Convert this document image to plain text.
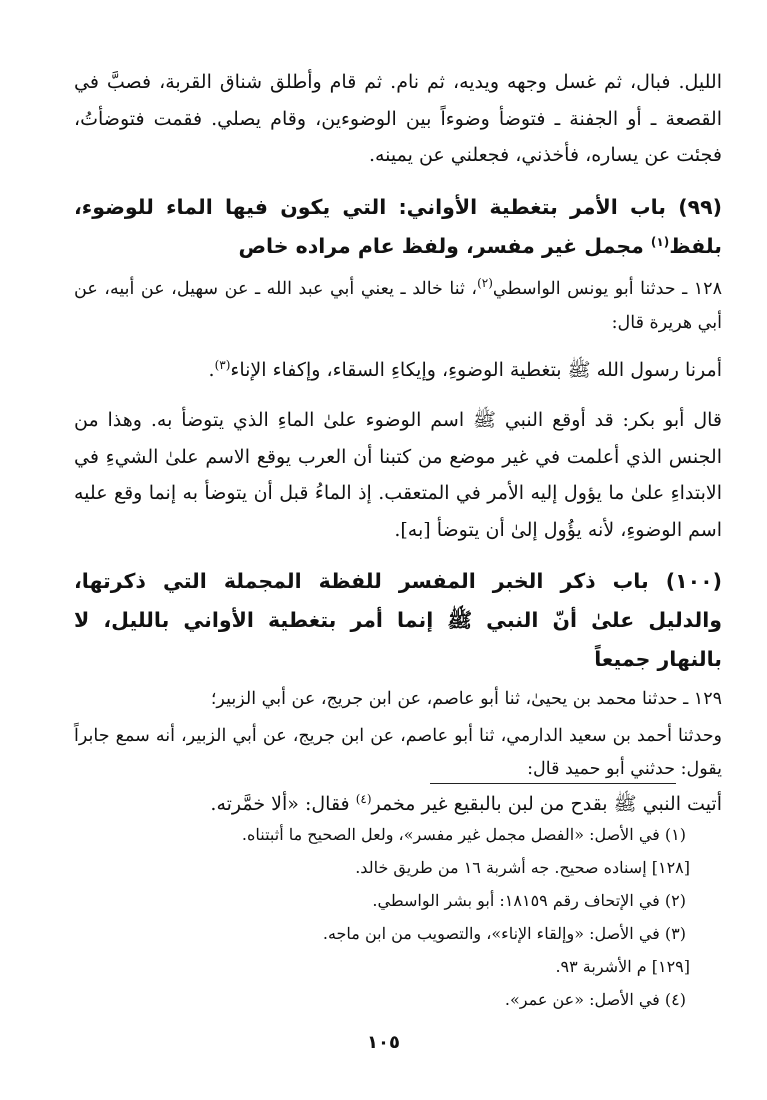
الليل. فبال، ثم غسل وجهه ويديه، ثم نام. ثم قام وأطلق شناق القربة، فصبَّ في القصعة ـ أو الجفنة ـ فتوضأ وضوءاً بين الوضوءين، وقام يصلي. فقمت فتوضأتُ، فجئت عن يساره، فأخذني، فجعلني عن يمينه.

(٩٩) باب الأمر بتغطية الأواني: التي يكون فيها الماء للوضوء، بلفظ$^{(١)}$ مجمل غير مفسر، ولفظ عام مراده خاص

١٢٨ ـ حدثنا أبو يونس الواسطي$^{(٢)}$، ثنا خالد ـ يعني أبي عبد الله ـ عن سهيل، عن أبيه، عن أبي هريرة قال:

أمرنا رسول الله ﷺ بتغطية الوضوءِ، وإيكاءِ السقاء، وإكفاء الإناء$^{(٣)}$.

قال أبو بكر: قد أوقع النبي ﷺ اسم الوضوء علىٰ الماءِ الذي يتوضأ به. وهذا من الجنس الذي أعلمت في غير موضع من كتبنا أن العرب يوقع الاسم علىٰ الشيءِ في الابتداءِ علىٰ ما يؤول إليه الأمر في المتعقب. إذ الماءُ قبل أن يتوضأ به إنما وقع عليه اسم الوضوءِ، لأنه يؤُول إلىٰ أن يتوضأ [به].

(١٠٠) باب ذكر الخبر المفسر للفظة المجملة التي ذكرتها، والدليل علىٰ أنّ النبي ﷺ إنما أمر بتغطية الأواني بالليل، لا بالنهار جميعاً

١٢٩ ـ حدثنا محمد بن يحيىٰ، ثنا أبو عاصم، عن ابن جريج، عن أبي الزبير؛

وحدثنا أحمد بن سعيد الدارمي، ثنا أبو عاصم، عن ابن جريج، عن أبي الزبير، أنه سمع جابراً يقول: حدثني أبو حميد قال:

أتيت النبي ﷺ بقدح من لبن بالبقيع غير مخمر$^{(٤)}$ فقال: «ألا خمَّرته.

(١) في الأصل: «الفصل مجمل غير مفسر»، ولعل الصحيح ما أثبتناه.

[١٢٨] إسناده صحيح. جه أشربة ١٦ من طريق خالد.

(٢) في الإتحاف رقم ١٨١٥٩: أبو بشر الواسطي.

(٣) في الأصل: «وإلقاء الإناء»، والتصويب من ابن ماجه.

[١٢٩] م الأشربة ٩٣.

(٤) في الأصل: «عن عمر».

١٠٥
